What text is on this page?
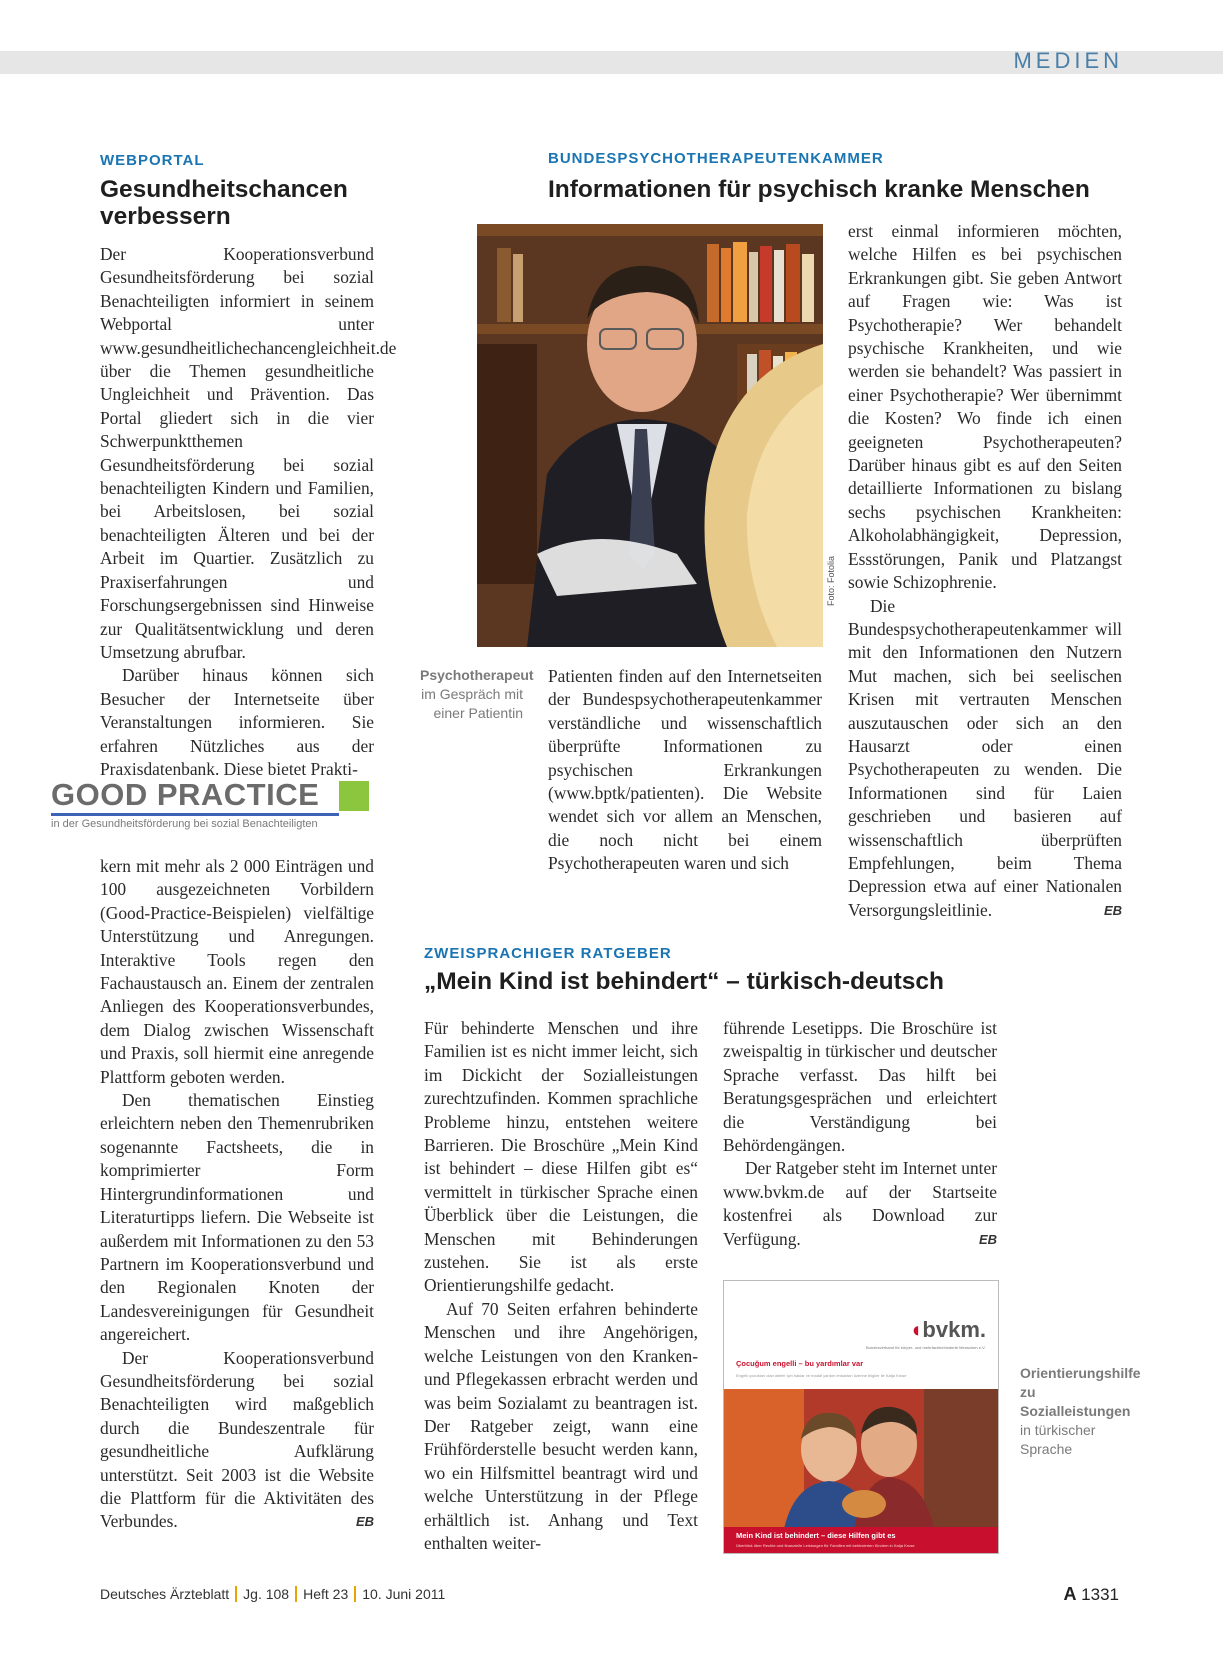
MEDIEN
WEBPORTAL
Gesundheitschancen
verbessern

Der Kooperationsverbund Gesundheitsförderung bei sozial Benachteiligten informiert in seinem Webportal unter www.gesundheitlichechancengleichheit.de über die Themen gesundheitliche Ungleichheit und Prävention. Das Portal gliedert sich in die vier Schwerpunktthemen Gesundheitsförderung bei sozial benachteiligten Kindern und Familien, bei Arbeitslosen, bei sozial benachteiligten Älteren und bei der Arbeit im Quartier. Zusätzlich zu Praxiserfahrungen und Forschungsergebnissen sind Hinweise zur Qualitätsentwicklung und deren Umsetzung abrufbar.

Darüber hinaus können sich Besucher der Internetseite über Veranstaltungen informieren. Sie erfahren Nützliches aus der Praxisdatenbank. Diese bietet Prakti-

GOOD PRACTICE
in der Gesundheitsförderung bei sozial Benachteiligten

kern mit mehr als 2 000 Einträgen und 100 ausgezeichneten Vorbildern (Good-Practice-Beispielen) vielfältige Unterstützung und Anregungen. Interaktive Tools regen den Fachaustausch an. Einem der zentralen Anliegen des Kooperationsverbundes, dem Dialog zwischen Wissenschaft und Praxis, soll hiermit eine anregende Plattform geboten werden.

Den thematischen Einstieg erleichtern neben den Themenrubriken sogenannte Factsheets, die in komprimierter Form Hintergrundinformationen und Literaturtipps liefern. Die Webseite ist außerdem mit Informationen zu den 53 Partnern im Kooperationsverbund und den Regionalen Knoten der Landesvereinigungen für Gesundheit angereichert.

Der Kooperationsverbund Gesundheitsförderung bei sozial Benachteiligten wird maßgeblich durch die Bundeszentrale für gesundheitliche Aufklärung unterstützt. Seit 2003 ist die Website die Plattform für die Aktivitäten des Verbundes.	EB

BUNDESPSYCHOTHERAPEUTENKAMMER
Informationen für psychisch kranke Menschen
Foto: Fotolia
Psychotherapeut im Gespräch mit einer Patientin

Patienten finden auf den Internetseiten der Bundespsychotherapeutenkammer verständliche und wissenschaftlich überprüfte Informationen zu psychischen Erkrankungen (www.bptk/patienten). Die Website wendet sich vor allem an Menschen, die noch nicht bei einem Psychotherapeuten waren und sich

erst einmal informieren möchten, welche Hilfen es bei psychischen Erkrankungen gibt. Sie geben Antwort auf Fragen wie: Was ist Psychotherapie? Wer behandelt psychische Krankheiten, und wie werden sie behandelt? Was passiert in einer Psychotherapie? Wer übernimmt die Kosten? Wo finde ich einen geeigneten Psychotherapeuten? Darüber hinaus gibt es auf den Seiten detaillierte Informationen zu bislang sechs psychischen Krankheiten: Alkoholabhängigkeit, Depression, Essstörungen, Panik und Platzangst sowie Schizophrenie.

Die Bundespsychotherapeutenkammer will mit den Informationen den Nutzern Mut machen, sich bei seelischen Krisen mit vertrauten Menschen auszutauschen oder sich an den Hausarzt oder einen Psychotherapeuten zu wenden. Die Informationen sind für Laien geschrieben und basieren auf wissenschaftlich überprüften Empfehlungen, beim Thema Depression etwa auf einer Nationalen Versorgungsleitlinie.	EB

ZWEISPRACHIGER RATGEBER
„Mein Kind ist behindert“ – türkisch-deutsch

Für behinderte Menschen und ihre Familien ist es nicht immer leicht, sich im Dickicht der Sozialleistungen zurechtzufinden. Kommen sprachliche Probleme hinzu, entstehen weitere Barrieren. Die Broschüre „Mein Kind ist behindert – diese Hilfen gibt es“ vermittelt in türkischer Sprache einen Überblick über die Leistungen, die Menschen mit Behinderungen zustehen. Sie ist als erste Orientierungshilfe gedacht.

Auf 70 Seiten erfahren behinderte Menschen und ihre Angehörigen, welche Leistungen von den Kranken- und Pflegekassen erbracht werden und was beim Sozialamt zu beantragen ist. Der Ratgeber zeigt, wann eine Frühförderstelle besucht werden kann, wo ein Hilfsmittel beantragt wird und welche Unterstützung in der Pflege erhältlich ist. Anhang und Text enthalten weiter-

führende Lesetipps. Die Broschüre ist zweispaltig in türkischer und deutscher Sprache verfasst. Das hilft bei Beratungsgesprächen und erleichtert die Verständigung bei Behördengängen.

Der Ratgeber steht im Internet unter www.bvkm.de auf der Startseite kostenfrei als Download zur Verfügung.	EB

◖bvkm.
Bundesverband für körper- und mehrfachbehinderte Menschen e.V.
Çocuğum engelli – bu yardımlar var
Engelli çocukları olan aileler için haklar ve maddi yardım imkanları üzerine bilgiler ile Katja Kruse
Mein Kind ist behindert – diese Hilfen gibt es
Überblick über Rechte und finanzielle Leistungen für Familien mit behinderten Kindern in Katja Kruse
Orientierungshilfe zu Sozialleistungen in türkischer Sprache
Deutsches Ärzteblatt Jg. 108 Heft 23 10. Juni 2011	A 1331
